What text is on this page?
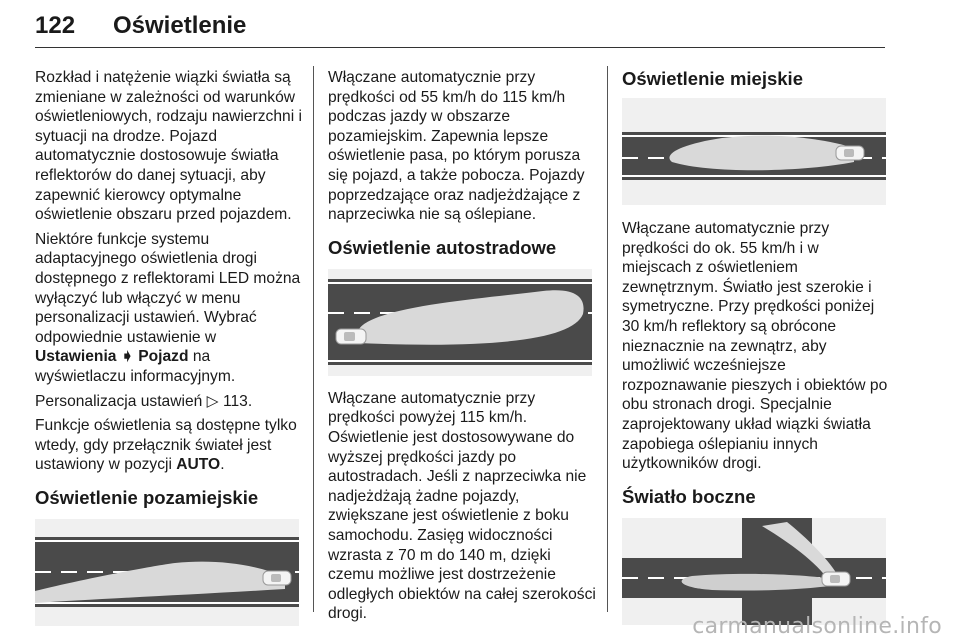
122 Oświetlenie

Rozkład i natężenie wiązki światła są zmieniane w zależności od warunków oświetleniowych, rodzaju nawierzchni i sytuacji na drodze. Pojazd automatycznie dostosowuje światła reflektorów do danej sytuacji, aby zapewnić kierowcy optymalne oświetlenie obszaru przed pojazdem.

Niektóre funkcje systemu adaptacyjnego oświetlenia drogi dostępnego z reflektorami LED można wyłączyć lub włączyć w menu personalizacji ustawień. Wybrać odpowiednie ustawienie w
Ustawienia ➧ Pojazd na wyświetlaczu informacyjnym.

Personalizacja ustawień ▷ 113.

Funkcje oświetlenia są dostępne tylko wtedy, gdy przełącznik świateł jest ustawiony w pozycji AUTO.

Oświetlenie pozamiejskie

Włączane automatycznie przy prędkości od 55 km/h do 115 km/h podczas jazdy w obszarze pozamiejskim. Zapewnia lepsze oświetlenie pasa, po którym porusza się pojazd, a także pobocza. Pojazdy poprzedzające oraz nadjeżdżające z naprzeciwka nie są oślepiane.

Oświetlenie autostradowe

Włączane automatycznie przy prędkości powyżej 115 km/h. Oświetlenie jest dostosowywane do wyższej prędkości jazdy po autostradach. Jeśli z naprzeciwka nie nadjeżdżają żadne pojazdy, zwiększane jest oświetlenie z boku samochodu. Zasięg widoczności wzrasta z 70 m do 140 m, dzięki czemu możliwe jest dostrzeżenie odległych obiektów na całej szerokości drogi.

Oświetlenie miejskie

Włączane automatycznie przy prędkości do ok. 55 km/h i w miejscach z oświetleniem zewnętrznym. Światło jest szerokie i symetryczne. Przy prędkości poniżej 30 km/h reflektory są obrócone nieznacznie na zewnątrz, aby umożliwić wcześniejsze rozpoznawanie pieszych i obiektów po obu stronach drogi. Specjalnie zaprojektowany układ wiązki światła zapobiega oślepianiu innych użytkowników drogi.

Światło boczne
carmanualsonline.info
